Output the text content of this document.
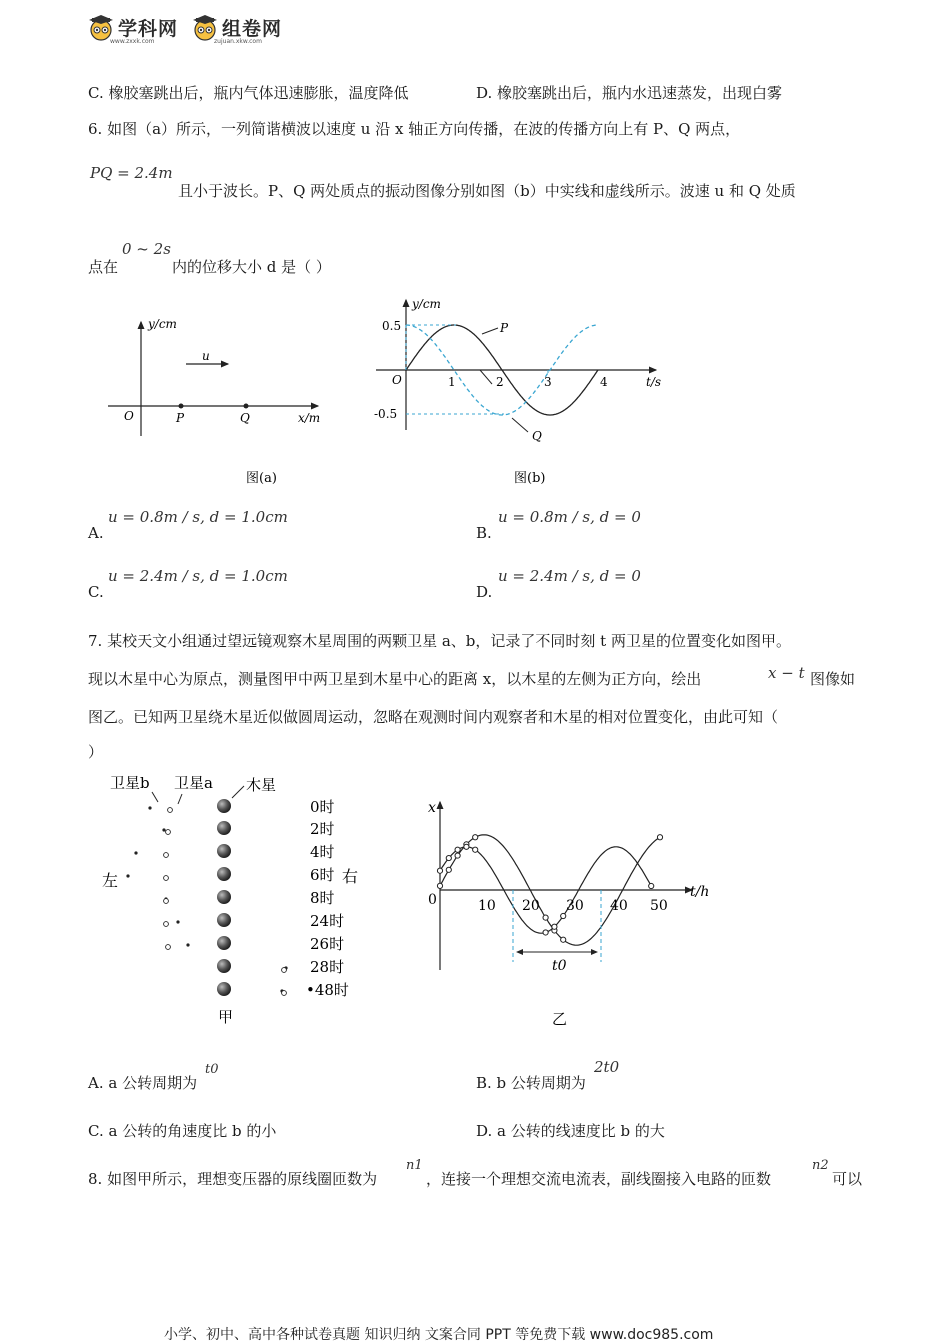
学科网
www.zxxk.com
组卷网
zujuan.xkw.com
C. 橡胶塞跳出后，瓶内气体迅速膨胀，温度降低	D. 橡胶塞跳出后，瓶内水迅速蒸发，出现白雾
6. 如图（a）所示，一列简谐横波以速度 u 沿 x 轴正方向传播，在波的传播方向上有 P、Q 两点，
PQ = 2.4m
且小于波长。P、Q 两处质点的振动图像分别如图（b）中实线和虚线所示。波速 u 和 Q 处质
点在
0 ~ 2s
内的位移大小 d 是（ ）
y/cm
x/m
O
u
P	Q
图(a)
y/cm
t/s
O
0.5
-0.5
1	2	3	4
P
Q
图(b)
A.
u = 0.8m / s, d = 1.0cm
B.
u = 0.8m / s, d = 0
C.
u = 2.4m / s, d = 1.0cm
D.
u = 2.4m / s, d = 0
7. 某校天文小组通过望远镜观察木星周围的两颗卫星 a、b，记录了不同时刻 t 两卫星的位置变化如图甲。
现以木星中心为原点，测量图甲中两卫星到木星中心的距离 x，以木星的左侧为正方向，绘出	x − t 图像如
图乙。已知两卫星绕木星近似做圆周运动，忽略在观测时间内观察者和木星的相对位置变化，由此可知（
）
卫星b 卫星a 木星
左	右
甲
0时
2时
4时
6时
8时
24时
26时
28时
•48时
x
t/h
0	10 20 30 40 50
t0
乙
A. a 公转周期为
t0
B. b 公转周期为
2t0
C. a 公转的角速度比 b 的小	D. a 公转的线速度比 b 的大
8. 如图甲所示，理想变压器的原线圈匝数为
n1
，连接一个理想交流电流表，副线圈接入电路的匝数
n2
可以
小学、初中、高中各种试卷真题 知识归纳 文案合同 PPT 等免费下载 www.doc985.com
